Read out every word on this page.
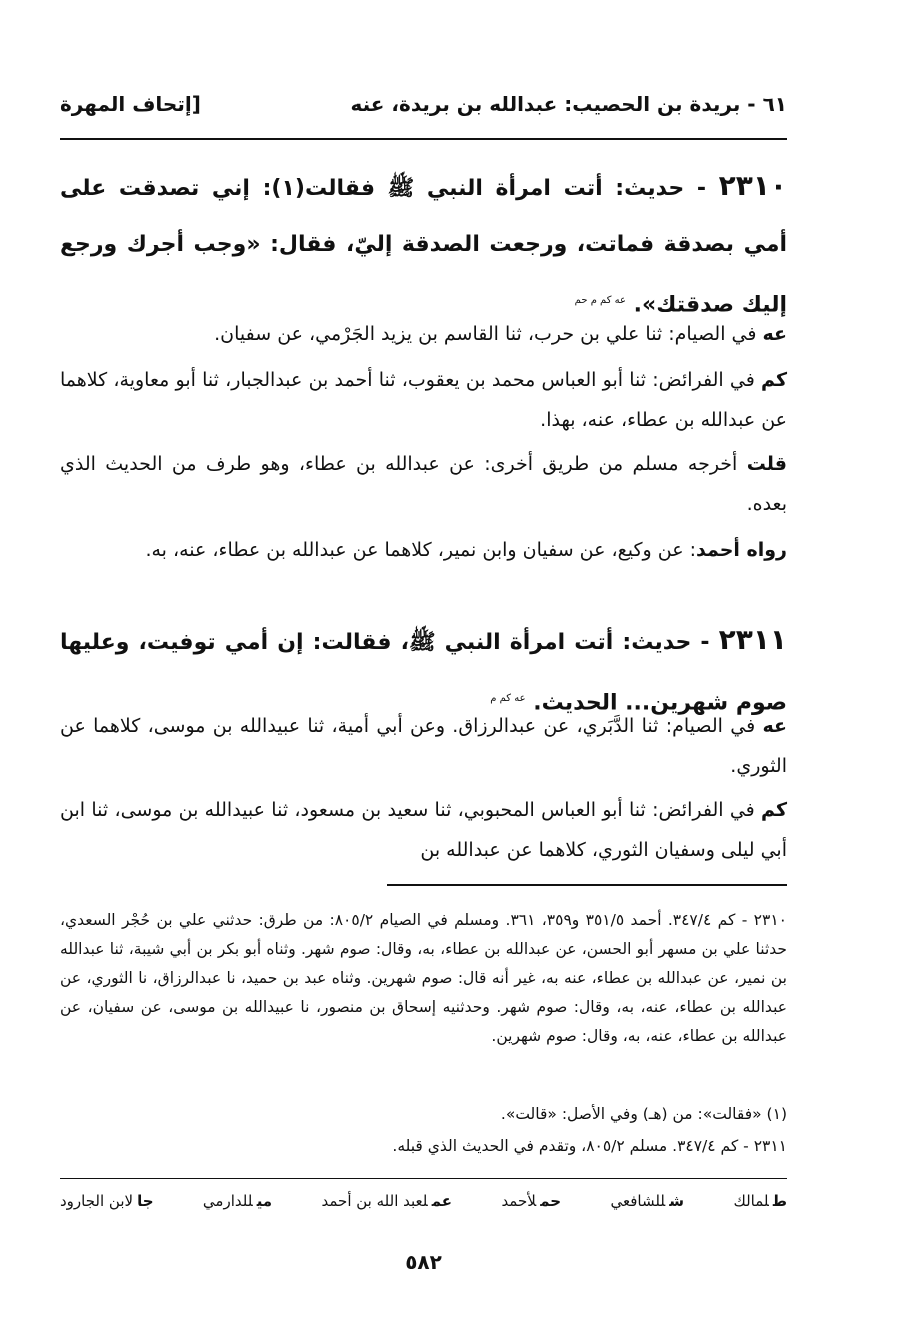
٦١ - بريدة بن الحصيب: عبدالله بن بريدة، عنه
[إتحاف المهرة

٢٣١٠ - حديث: أتت امرأة النبي ﷺ فقالت(١): إني تصدقت على أمي بصدقة فماتت، ورجعت الصدقة إليّ، فقال: «وجب أجرك ورجع إليك صدقتك». $^{عه كم م حم}$

عه في الصيام: ثنا علي بن حرب، ثنا القاسم بن يزيد الجَرْمي، عن سفيان.

كم في الفرائض: ثنا أبو العباس محمد بن يعقوب، ثنا أحمد بن عبدالجبار، ثنا أبو معاوية، كلاهما عن عبدالله بن عطاء، عنه، بهذا.

قلت أخرجه مسلم من طريق أخرى: عن عبدالله بن عطاء، وهو طرف من الحديث الذي بعده.

رواه أحمد: عن وكيع، عن سفيان وابن نمير، كلاهما عن عبدالله بن عطاء، عنه، به.

٢٣١١ - حديث: أتت امرأة النبي ﷺ، فقالت: إن أمي توفيت، وعليها صوم شهرين... الحديث. $^{عه كم م}$

عه في الصيام: ثنا الدَّبَري، عن عبدالرزاق. وعن أبي أمية، ثنا عبيدالله بن موسى، كلاهما عن الثوري.

كم في الفرائض: ثنا أبو العباس المحبوبي، ثنا سعيد بن مسعود، ثنا عبيدالله بن موسى، ثنا ابن أبي ليلى وسفيان الثوري، كلاهما عن عبدالله بن

٢٣١٠ - كم ٣٤٧/٤. أحمد ٣٥١/٥ و٣٥٩، ٣٦١. ومسلم في الصيام ٨٠٥/٢: من طرق: حدثني علي بن حُجْر السعدي، حدثنا علي بن مسهر أبو الحسن، عن عبدالله بن عطاء، به، وقال: صوم شهر. وثناه أبو بكر بن أبي شيبة، ثنا عبدالله بن نمير، عن عبدالله بن عطاء، عنه به، غير أنه قال: صوم شهرين. وثناه عبد بن حميد، نا عبدالرزاق، نا الثوري، عن عبدالله بن عطاء، عنه، به، وقال: صوم شهر. وحدثنيه إسحاق بن منصور، نا عبيدالله بن موسى، عن سفيان، عن عبدالله بن عطاء، عنه، به، وقال: صوم شهرين.

(١) «فقالت»: من (هـ) وفي الأصل: «قالت».

٢٣١١ - كم ٣٤٧/٤. مسلم ٨٠٥/٢، وتقدم في الحديث الذي قبله.

طلمالك
شللشافعي
حملأحمد
عملعبد الله بن أحمد
ميللدارمي
جالابن الجارود
٥٨٢
